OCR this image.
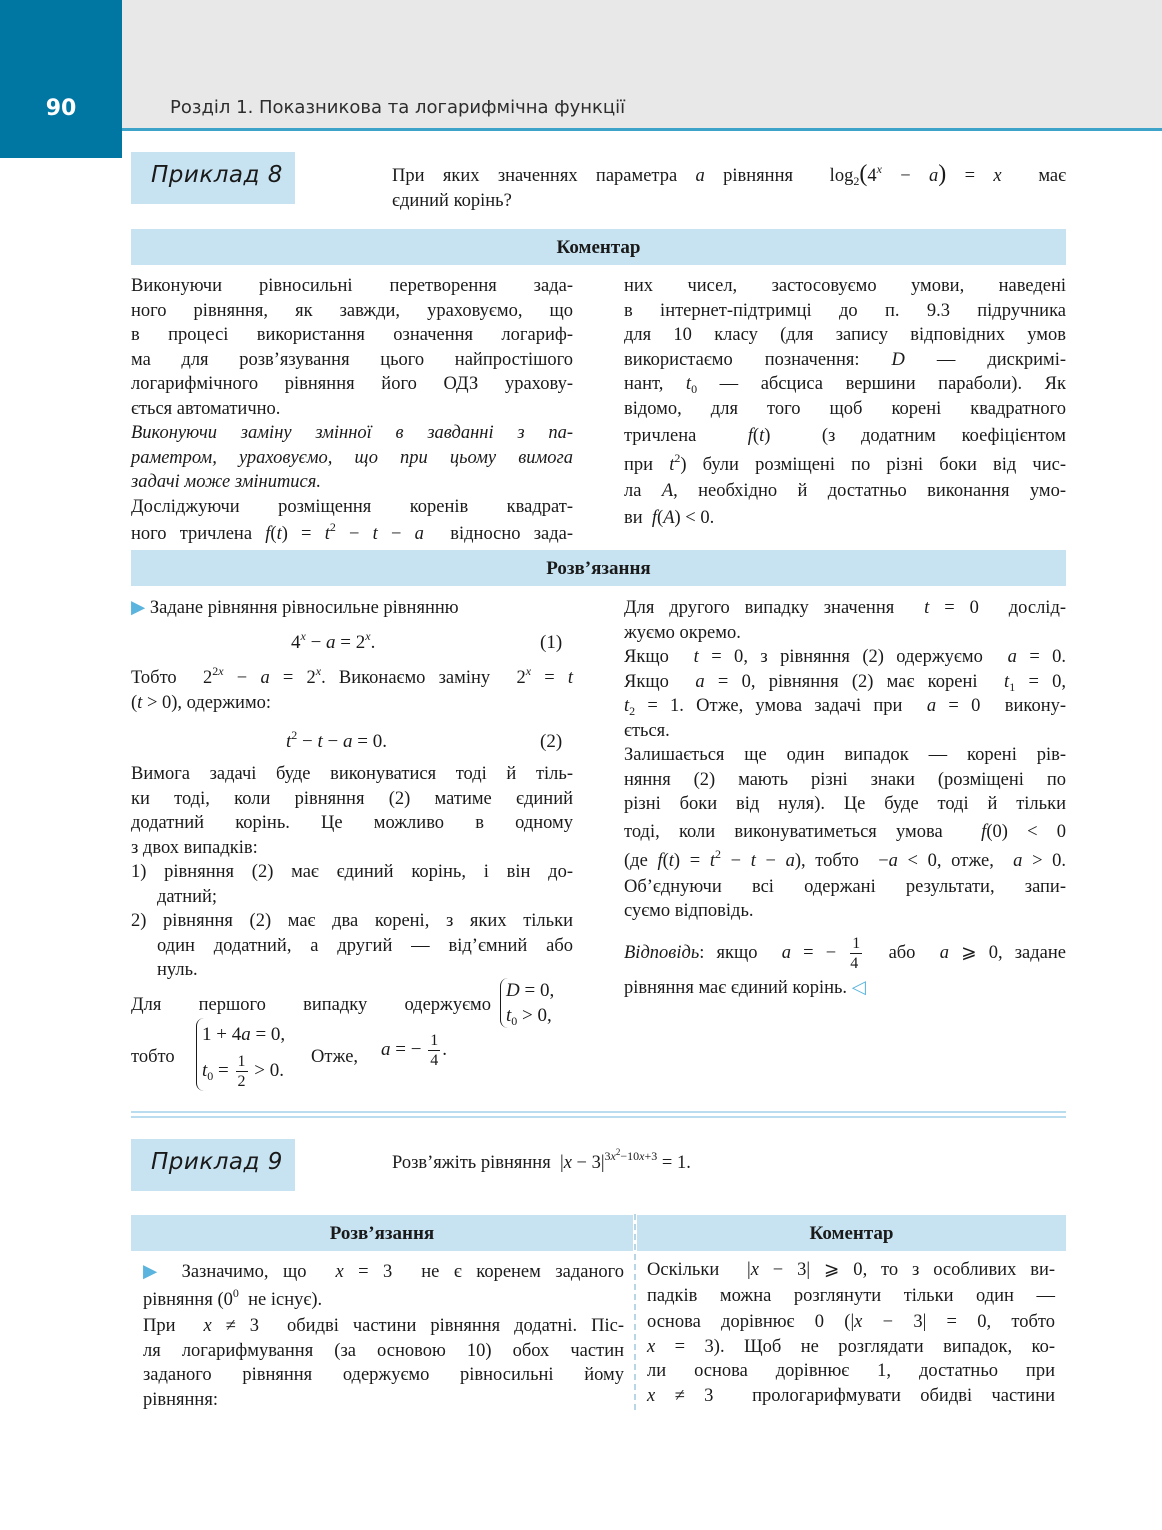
90	Розділ 1. Показникова та логарифмічна функції
Приклад 8	При яких значеннях параметра a рівняння  $\log_2(4^x - a) = x$ має

єдиний корінь?

Коментар

Виконуючи рівносильні перетворення зада-

ного рівняння, як завжди, ураховуємо, що

в процесі використання означення логариф-

ма для розв’язування цього найпростішого

логарифмічного рівняння його ОДЗ урахову-

ється автоматично.

Виконуючи заміну змінної в завданні з па-

раметром, ураховуємо, що при цьому вимога

задачі може змінитися.

Досліджуючи розміщення коренів квадрат-

ного тричлена $f(t) = t^2 - t - a$ відносно зада-

них чисел, застосовуємо умови, наведені

в інтернет-підтримці до п. 9.3 підручника

для 10 класу (для запису відповідних умов

використаємо позначення: D — дискримі-

нант, $t_0$ — абсциса вершини параболи). Як

відомо, для того щоб корені квадратного

тричлена	f(t)  (з додатним коефіцієнтом

при $t^2$) були розміщені по різні боки від чис-

ла A, необхідно й достатньо виконання умо-

ви f(A) < 0.

Розв’язання

▶ Задане рівняння рівносильне рівнянню

$4^x - a = 2^x$.	(1)

Тобто  $2^{2x} - a = 2^x$. Виконаємо заміну  $2^x = t$

(t > 0), одержимо:

$t^2 - t - a = 0$.	(2)

Вимога задачі буде виконуватися тоді й тіль-

ки тоді, коли рівняння (2) матиме єдиний

додатний корінь. Це можливо в одному

з двох випадків:

1) рівняння (2) має єдиний корінь, і він до-

датний;

2) рівняння (2) має два корені, з яких тільки

один додатний, а другий — від’ємний або

нуль.

Для першого випадку одержуємо

D = 0,
$t_0 > 0$,
тобто
1 + 4a = 0,
$t_0 = \frac{1}{2} > 0$.
Отже, a = − $\frac{1}{4}$ .

Для другого випадку значення t = 0  дослід-

жуємо окремо.

Якщо t = 0, з рівняння (2) одержуємо a = 0.

Якщо a = 0, рівняння (2) має корені $t_1 = 0$,

$t_2 = 1$. Отже, умова задачі при a = 0  викону-

ється.

Залишається ще один випадок — корені рів-

няння (2) мають різні знаки (розміщені по

різні боки від нуля). Це буде тоді й тільки

тоді, коли виконуватиметься умова f(0) < 0

(де $f(t) = t^2 - t - a$), тобто  −a < 0, отже, a > 0.

Об’єднуючи всі одержані результати, запи-

суємо відповідь.

Відповідь: якщо a = − $\frac{1}{4}$ або a ⩾ 0, задане

рівняння має єдиний корінь. ◁

Приклад 9	Розв’яжіть рівняння  $|x - 3|^{3x^2-10x+3} = 1$.

Розв’язання	Коментар

▶ Зазначимо, що x = 3  не є коренем заданого

рівняння ($0^0$ не існує).

При x ≠ 3  обидві частини рівняння додатні. Піс-

ля логарифмування (за основою 10) обох частин

заданого рівняння одержуємо рівносильні йому

рівняння:

Оскільки  |x − 3| ⩾ 0, то з особливих ви-

падків можна розглянути тільки один —

основа дорівнює 0 (|x − 3| = 0, тобто

x = 3). Щоб не розглядати випадок, ко-

ли основа дорівнює 1, достатньо при

x ≠ 3  прологарифмувати обидві частини
